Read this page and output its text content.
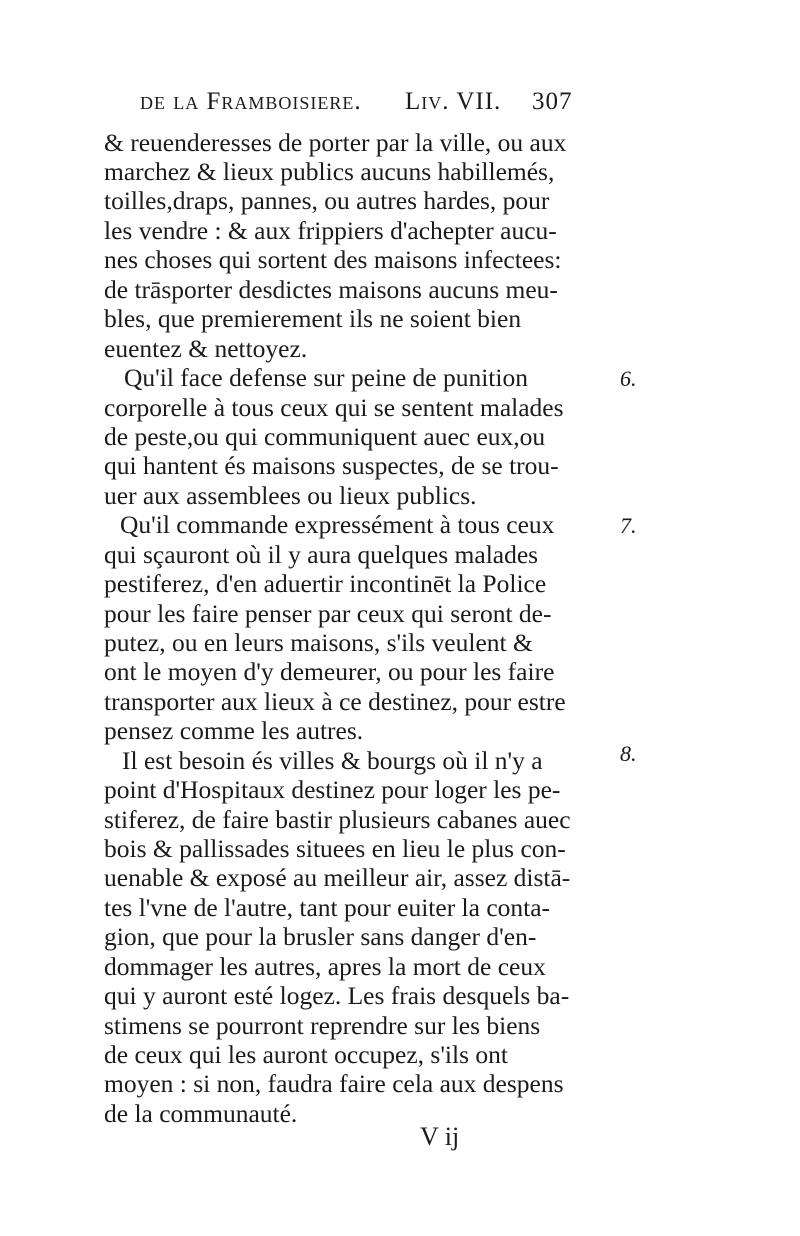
de la Framboisiere. Liv. VII. 307
& reuenderesses de porter par la ville, ou aux
marchez & lieux publics aucuns habillemés,
toilles,draps, pannes, ou autres hardes, pour
les vendre : & aux frippiers d'achepter aucu-
nes choses qui sortent des maisons infectees:
de trāsporter desdictes maisons aucuns meu-
bles, que premierement ils ne soient bien
euentez & nettoyez.
Qu'il face defense sur peine de punition
corporelle à tous ceux qui se sentent malades
de peste,ou qui communiquent auec eux,ou
qui hantent és maisons suspectes, de se trou-
uer aux assemblees ou lieux publics.
Qu'il commande expressément à tous ceux
qui sçauront où il y aura quelques malades
pestiferez, d'en aduertir incontinēt la Police
pour les faire penser par ceux qui seront de-
putez, ou en leurs maisons, s'ils veulent &
ont le moyen d'y demeurer, ou pour les faire
transporter aux lieux à ce destinez, pour estre
pensez comme les autres.
Il est besoin és villes & bourgs où il n'y a
point d'Hospitaux destinez pour loger les pe-
stiferez, de faire bastir plusieurs cabanes auec
bois & pallissades situees en lieu le plus con-
uenable & exposé au meilleur air, assez distā-
tes l'vne de l'autre, tant pour euiter la conta-
gion, que pour la brusler sans danger d'en-
dommager les autres, apres la mort de ceux
qui y auront esté logez. Les frais desquels ba-
stimens se pourront reprendre sur les biens
de ceux qui les auront occupez, s'ils ont
moyen : si non, faudra faire cela aux despens
de la communauté.
6.
7.
8.
V ij
